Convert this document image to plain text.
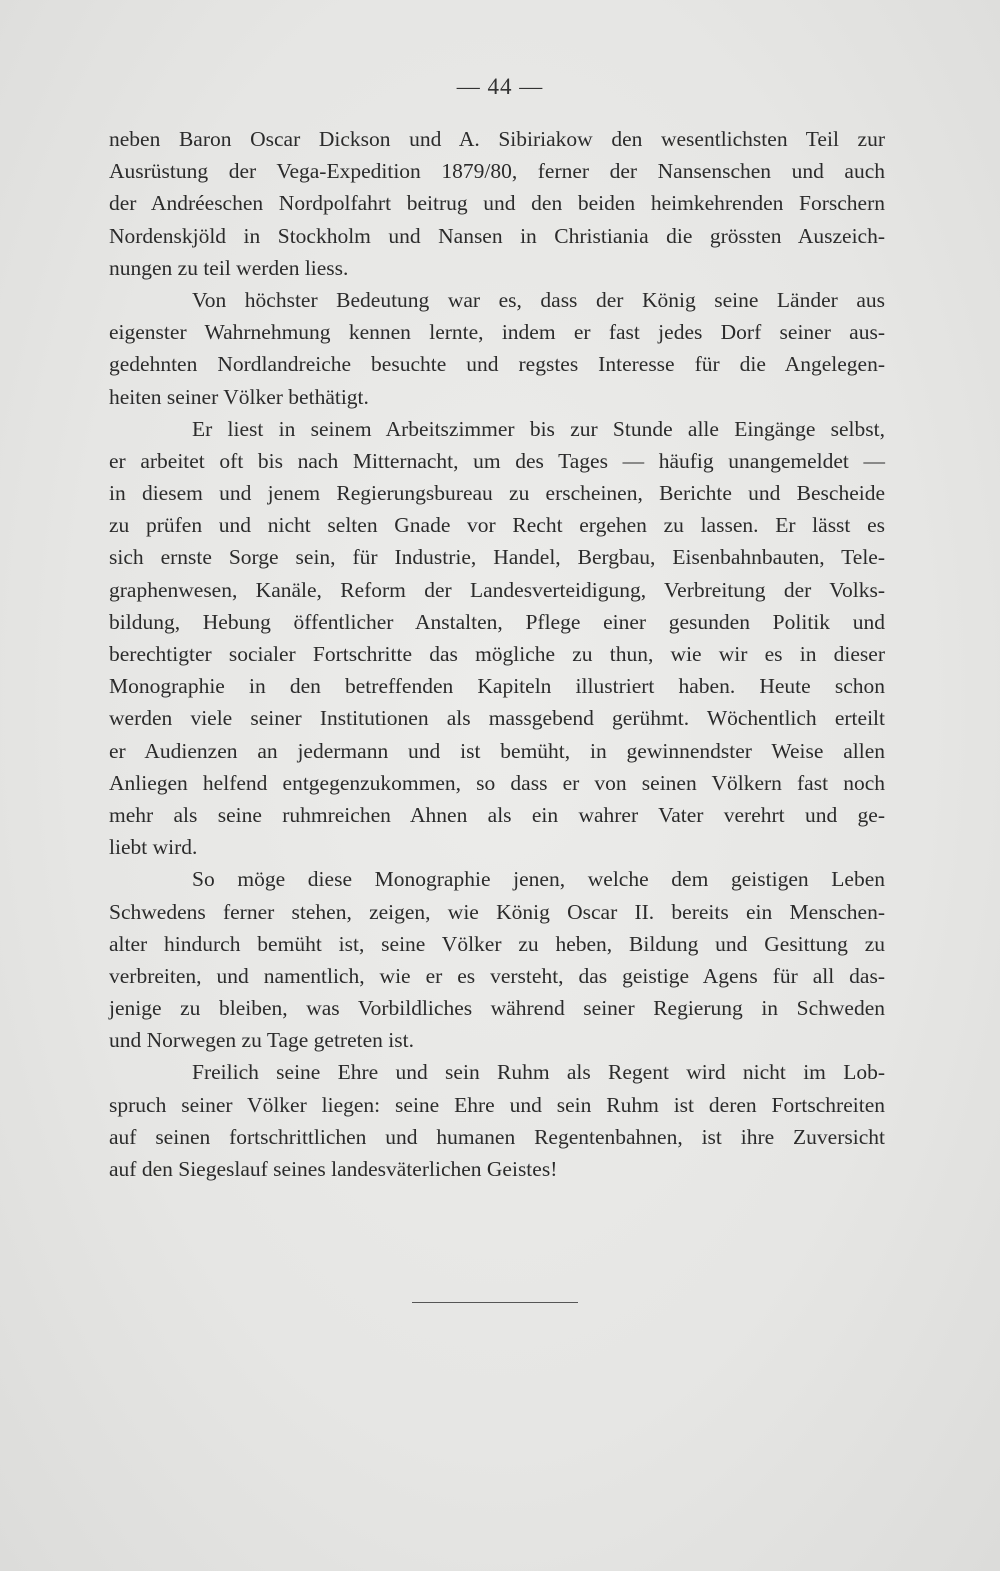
— 44 —
neben Baron Oscar Dickson und A. Sibiriakow den wesentlichsten Teil zur
Ausrüstung der Vega-Expedition 1879/80, ferner der Nansenschen und auch
der Andréeschen Nordpolfahrt beitrug und den beiden heimkehrenden Forschern
Nordenskjöld in Stockholm und Nansen in Christiania die grössten Auszeich-
nungen zu teil werden liess.
Von höchster Bedeutung war es, dass der König seine Länder aus
eigenster Wahrnehmung kennen lernte, indem er fast jedes Dorf seiner aus-
gedehnten Nordlandreiche besuchte und regstes Interesse für die Angelegen-
heiten seiner Völker bethätigt.
Er liest in seinem Arbeitszimmer bis zur Stunde alle Eingänge selbst,
er arbeitet oft bis nach Mitternacht, um des Tages — häufig unangemeldet —
in diesem und jenem Regierungsbureau zu erscheinen, Berichte und Bescheide
zu prüfen und nicht selten Gnade vor Recht ergehen zu lassen. Er lässt es
sich ernste Sorge sein, für Industrie, Handel, Bergbau, Eisenbahnbauten, Tele-
graphenwesen, Kanäle, Reform der Landesverteidigung, Verbreitung der Volks-
bildung, Hebung öffentlicher Anstalten, Pflege einer gesunden Politik und
berechtigter socialer Fortschritte das mögliche zu thun, wie wir es in dieser
Monographie in den betreffenden Kapiteln illustriert haben. Heute schon
werden viele seiner Institutionen als massgebend gerühmt. Wöchentlich erteilt
er Audienzen an jedermann und ist bemüht, in gewinnendster Weise allen
Anliegen helfend entgegenzukommen, so dass er von seinen Völkern fast noch
mehr als seine ruhmreichen Ahnen als ein wahrer Vater verehrt und ge-
liebt wird.
So möge diese Monographie jenen, welche dem geistigen Leben
Schwedens ferner stehen, zeigen, wie König Oscar II. bereits ein Menschen-
alter hindurch bemüht ist, seine Völker zu heben, Bildung und Gesittung zu
verbreiten, und namentlich, wie er es versteht, das geistige Agens für all das-
jenige zu bleiben, was Vorbildliches während seiner Regierung in Schweden
und Norwegen zu Tage getreten ist.
Freilich seine Ehre und sein Ruhm als Regent wird nicht im Lob-
spruch seiner Völker liegen: seine Ehre und sein Ruhm ist deren Fortschreiten
auf seinen fortschrittlichen und humanen Regentenbahnen, ist ihre Zuversicht
auf den Siegeslauf seines landesväterlichen Geistes!
